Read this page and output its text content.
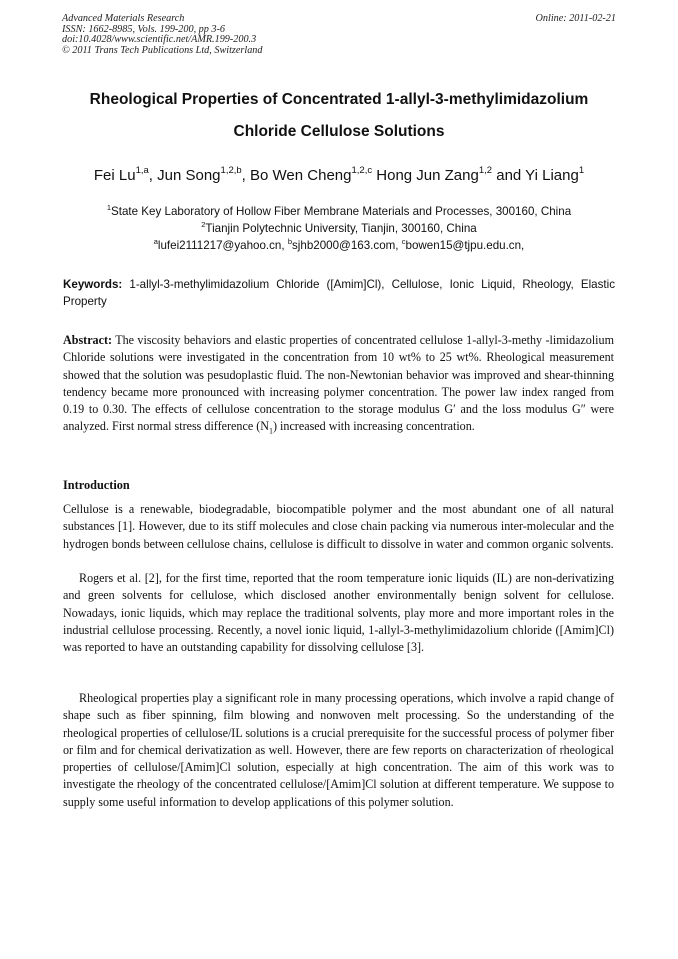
Advanced Materials Research
ISSN: 1662-8985, Vols. 199-200, pp 3-6
doi:10.4028/www.scientific.net/AMR.199-200.3
© 2011 Trans Tech Publications Ltd, Switzerland
Online: 2011-02-21
Rheological Properties of Concentrated 1-allyl-3-methylimidazolium
Chloride Cellulose Solutions
Fei Lu$^{1,a}$, Jun Song$^{1,2,b}$, Bo Wen Cheng$^{1,2,c}$ Hong Jun Zang$^{1,2}$ and Yi Liang$^1$
$^1$State Key Laboratory of Hollow Fiber Membrane Materials and Processes, 300160, China
$^2$Tianjin Polytechnic University, Tianjin, 300160, China
$^a$lufei2111217@yahoo.cn, $^b$sjhb2000@163.com, $^c$bowen15@tjpu.edu.cn,
Keywords: 1-allyl-3-methylimidazolium Chloride ([Amim]Cl), Cellulose, Ionic Liquid, Rheology, Elastic Property
Abstract: The viscosity behaviors and elastic properties of concentrated cellulose 1-allyl-3-methy -limidazolium Chloride solutions were investigated in the concentration from 10 wt% to 25 wt%. Rheological measurement showed that the solution was pesudoplastic fluid. The non-Newtonian behavior was improved and shear-thinning tendency became more pronounced with increasing polymer concentration. The power law index ranged from 0.19 to 0.30. The effects of cellulose concentration to the storage modulus G′ and the loss modulus G″ were analyzed. First normal stress difference $(N_1)$ increased with increasing concentration.
Introduction
Cellulose is a renewable, biodegradable, biocompatible polymer and the most abundant one of all natural substances [1]. However, due to its stiff molecules and close chain packing via numerous inter-molecular and the hydrogen bonds between cellulose chains, cellulose is difficult to dissolve in water and common organic solvents.
Rogers et al. [2], for the first time, reported that the room temperature ionic liquids (IL) are non-derivatizing and green solvents for cellulose, which disclosed another environmentally benign solvent for cellulose. Nowadays, ionic liquids, which may replace the traditional solvents, play more and more important roles in the industrial cellulose processing. Recently, a novel ionic liquid, 1-allyl-3-methylimidazolium chloride ([Amim]Cl) was reported to have an outstanding capability for dissolving cellulose [3].
Rheological properties play a significant role in many processing operations, which involve a rapid change of shape such as fiber spinning, film blowing and nonwoven melt processing. So the understanding of the rheological properties of cellulose/IL solutions is a crucial prerequisite for the successful process of polymer fiber or film and for chemical derivatization as well. However, there are few reports on characterization of rheological properties of cellulose/[Amim]Cl solution, especially at high concentration. The aim of this work was to investigate the rheology of the concentrated cellulose/[Amim]Cl solution at different temperature. We suppose to supply some useful information to develop applications of this polymer solution.
